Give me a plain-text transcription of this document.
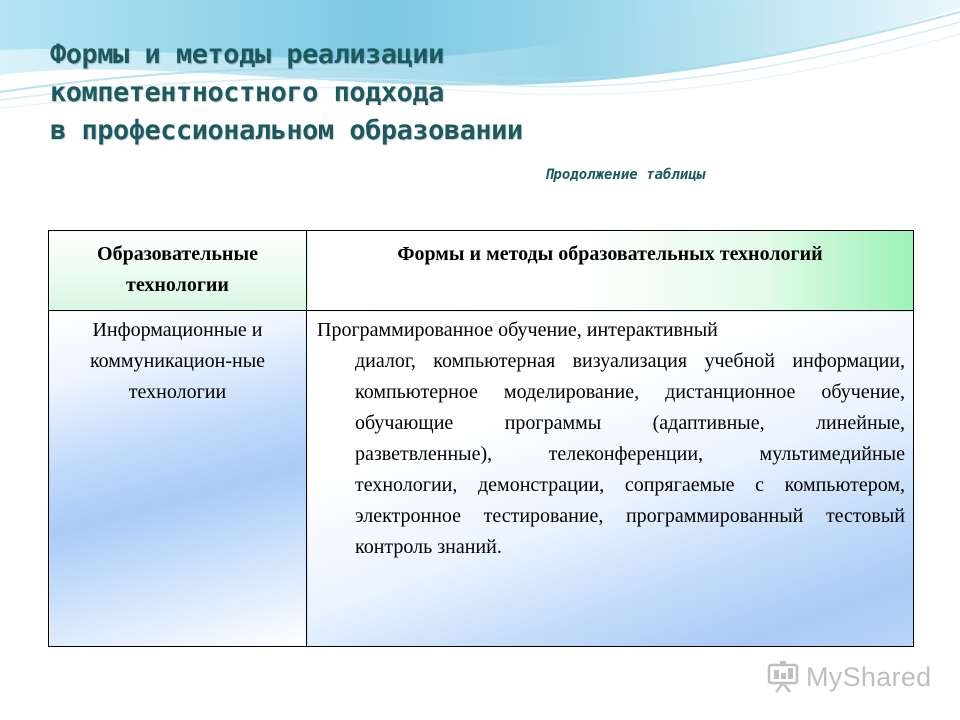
Формы и методы реализации
компетентностного подхода
в профессиональном образовании
Продолжение таблицы
Образовательные технологии	Формы и методы образовательных технологий

Информационные и коммуникацион-ные технологии	Программированное обучение, интерактивный
диалог, компьютерная визуализация учебной информации, компьютерное моделирование, дистанционное обучение, обучающие программы (адаптивные, линейные, разветвленные), телеконференции, мультимедийные технологии, демонстрации, сопрягаемые с компьютером, электронное тестирование, программированный тестовый контроль знаний.
MyShared
